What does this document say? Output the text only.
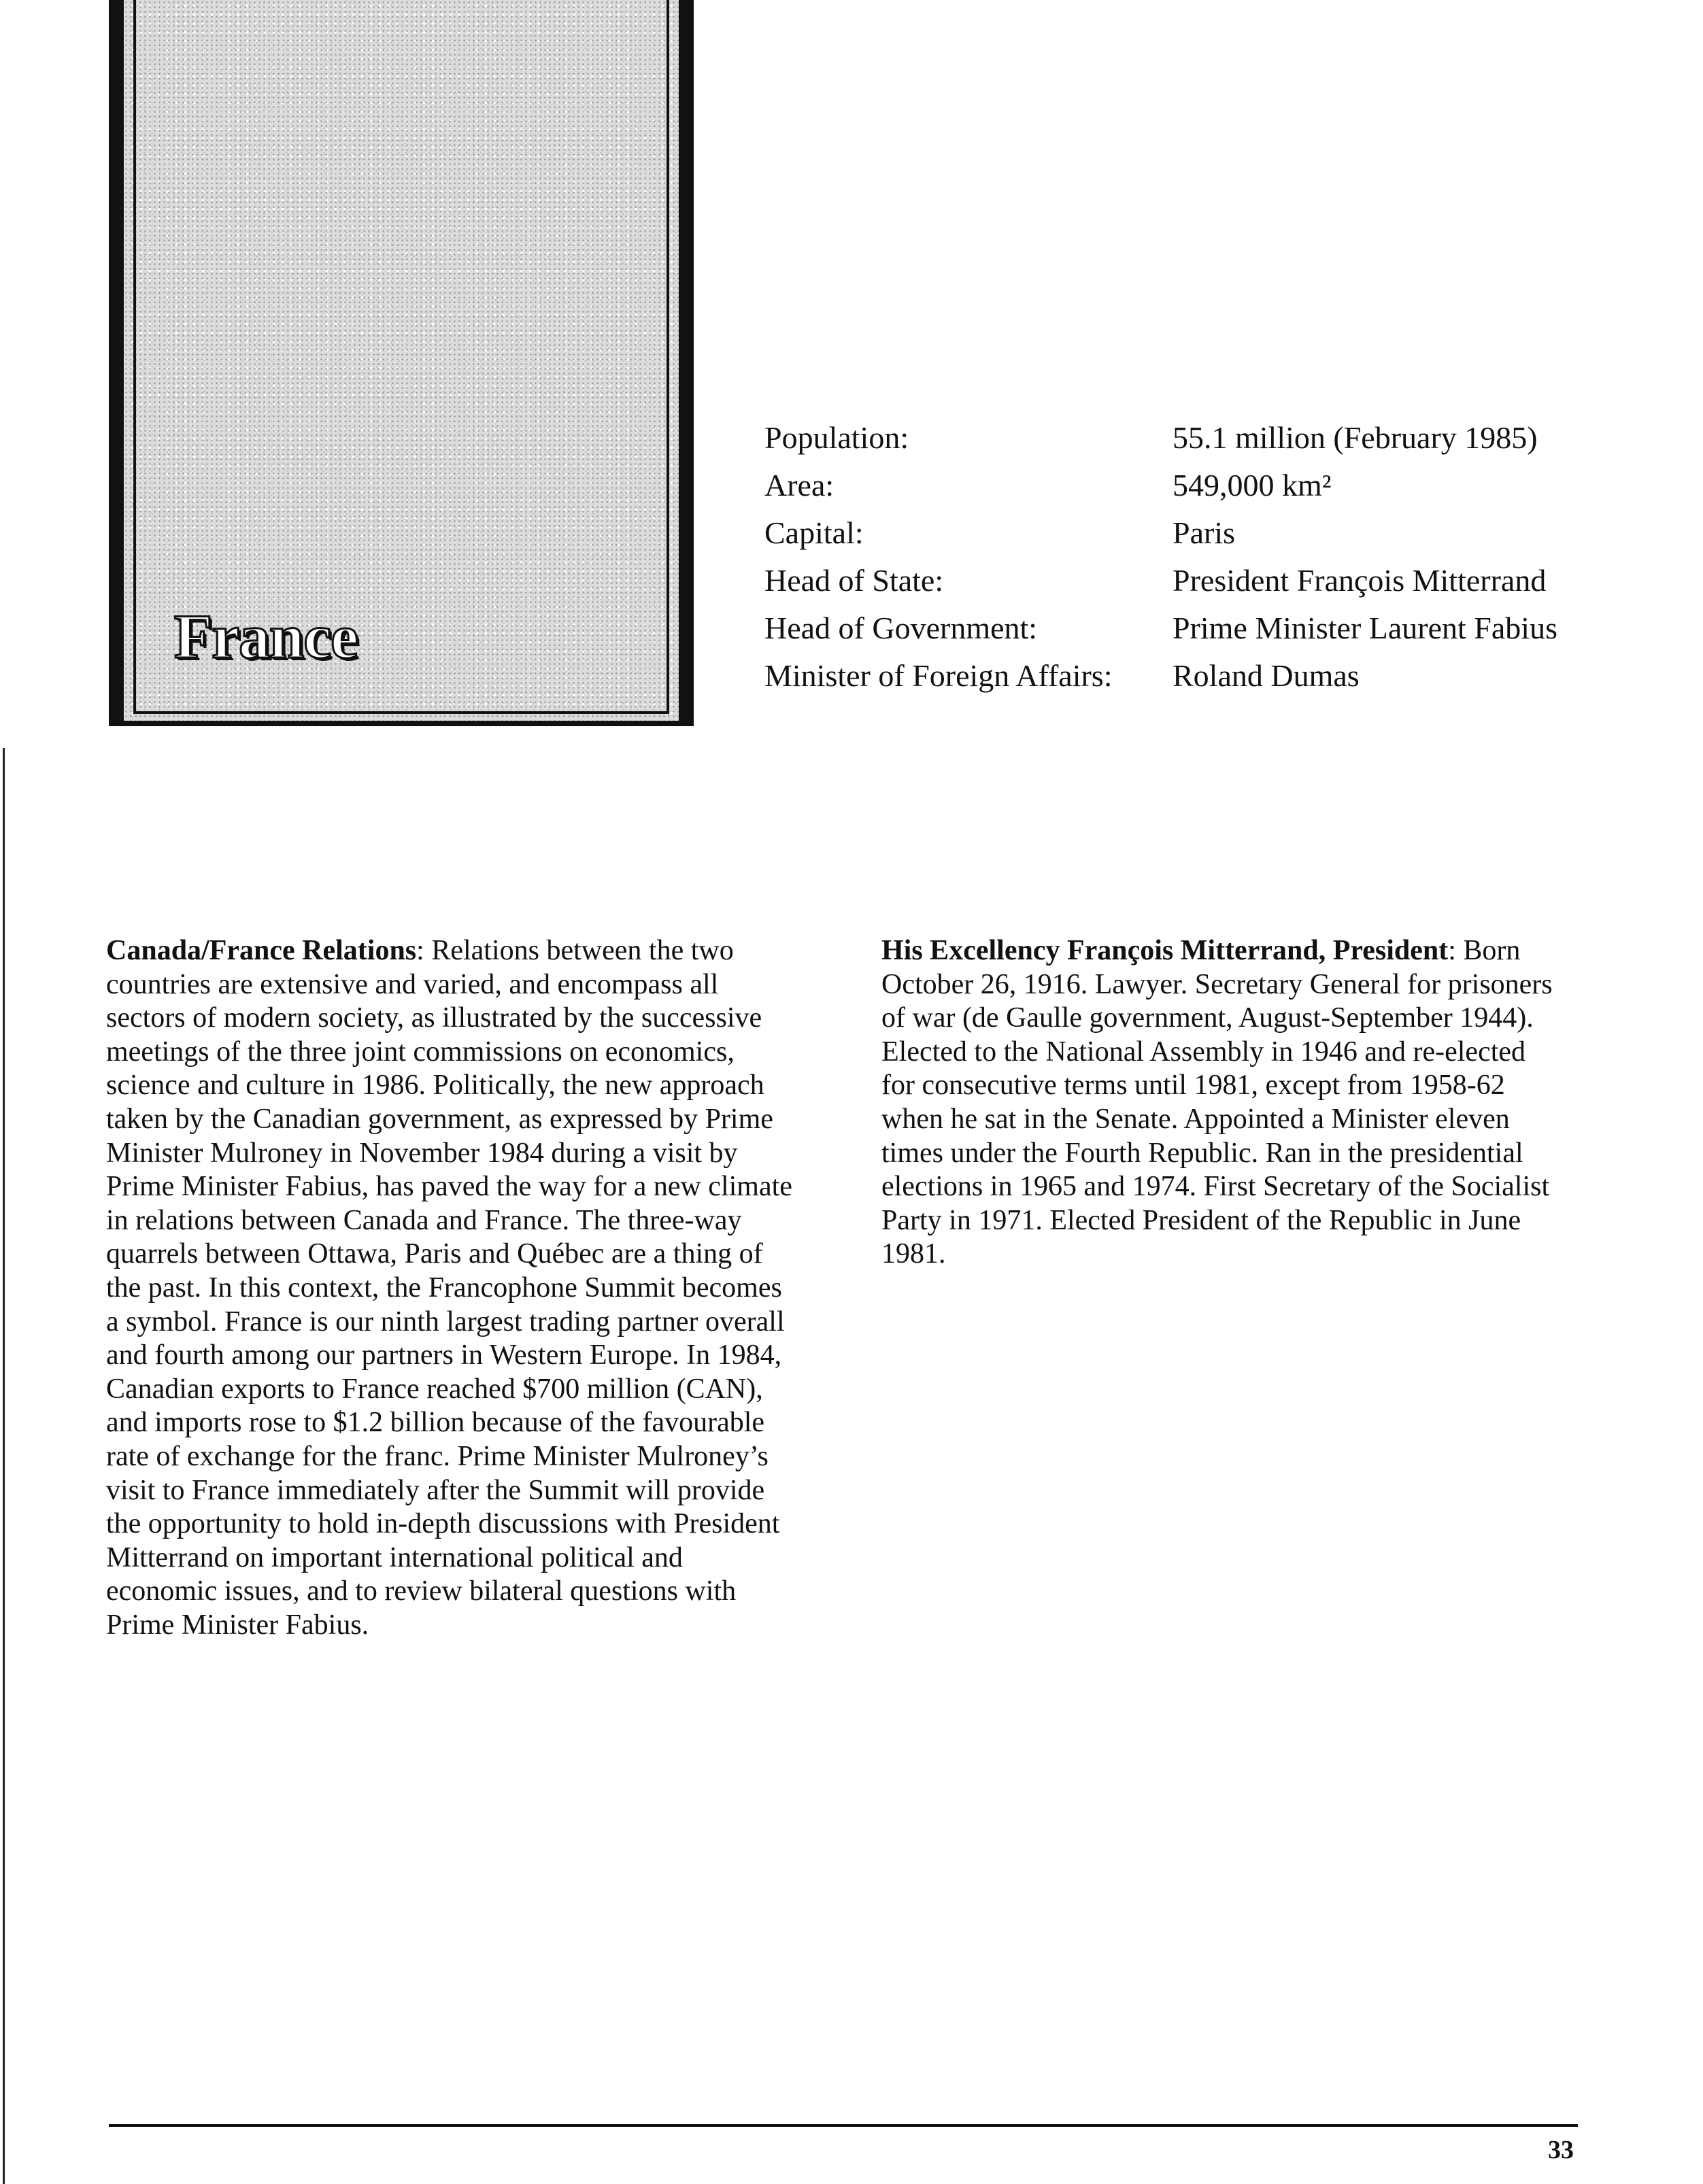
France
Population:	55.1 million (February 1985)
Area:	549,000 km²
Capital:	Paris
Head of State:	President François Mitterrand
Head of Government:	Prime Minister Laurent Fabius
Minister of Foreign Affairs:	Roland Dumas
Canada/France Relations: Relations between the two countries are extensive and varied, and encompass all sectors of modern society, as illustrated by the successive meetings of the three joint commissions on economics, science and culture in 1986. Politically, the new approach taken by the Canadian government, as expressed by Prime Minister Mulroney in November 1984 during a visit by Prime Minister Fabius, has paved the way for a new climate in relations between Canada and France. The three-way quarrels between Ottawa, Paris and Québec are a thing of the past. In this context, the Francophone Summit becomes a symbol. France is our ninth largest trading partner overall and fourth among our partners in Western Europe. In 1984, Canadian exports to France reached $700 million (CAN), and imports rose to $1.2 billion because of the favourable rate of exchange for the franc. Prime Minister Mulroney’s visit to France immediately after the Summit will provide the opportunity to hold in-depth discussions with President Mitterrand on important international political and economic issues, and to review bilateral questions with Prime Minister Fabius.
His Excellency François Mitterrand, President: Born October 26, 1916. Lawyer. Secretary General for prisoners of war (de Gaulle government, August-September 1944). Elected to the National Assembly in 1946 and re-elected for consecutive terms until 1981, except from 1958-62 when he sat in the Senate. Appointed a Minister eleven times under the Fourth Republic. Ran in the presidential elections in 1965 and 1974. First Secretary of the Socialist Party in 1971. Elected President of the Republic in June 1981.
33
